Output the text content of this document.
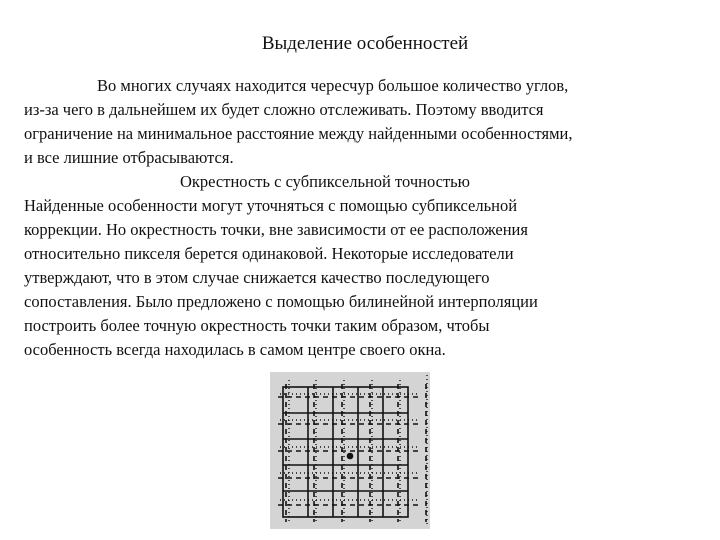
Выделение особенностей
Во многих случаях находится чересчур большое количество углов,
из-за чего в дальнейшем их будет сложно отслеживать. Поэтому вводится
ограничение на минимальное расстояние между найденными особенностями,
и все лишние отбрасываются.
Окрестность с субпиксельной точностью
Найденные особенности могут уточняться с помощью субпиксельной
коррекции. Но окрестность точки, вне зависимости от ее расположения
относительно пикселя берется одинаковой. Некоторые исследователи
утверждают, что в этом случае снижается качество последующего
сопоставления. Было предложено с помощью билинейной интерполяции
построить более точную окрестность точки таким образом, чтобы
особенность всегда находилась в самом центре своего окна.
